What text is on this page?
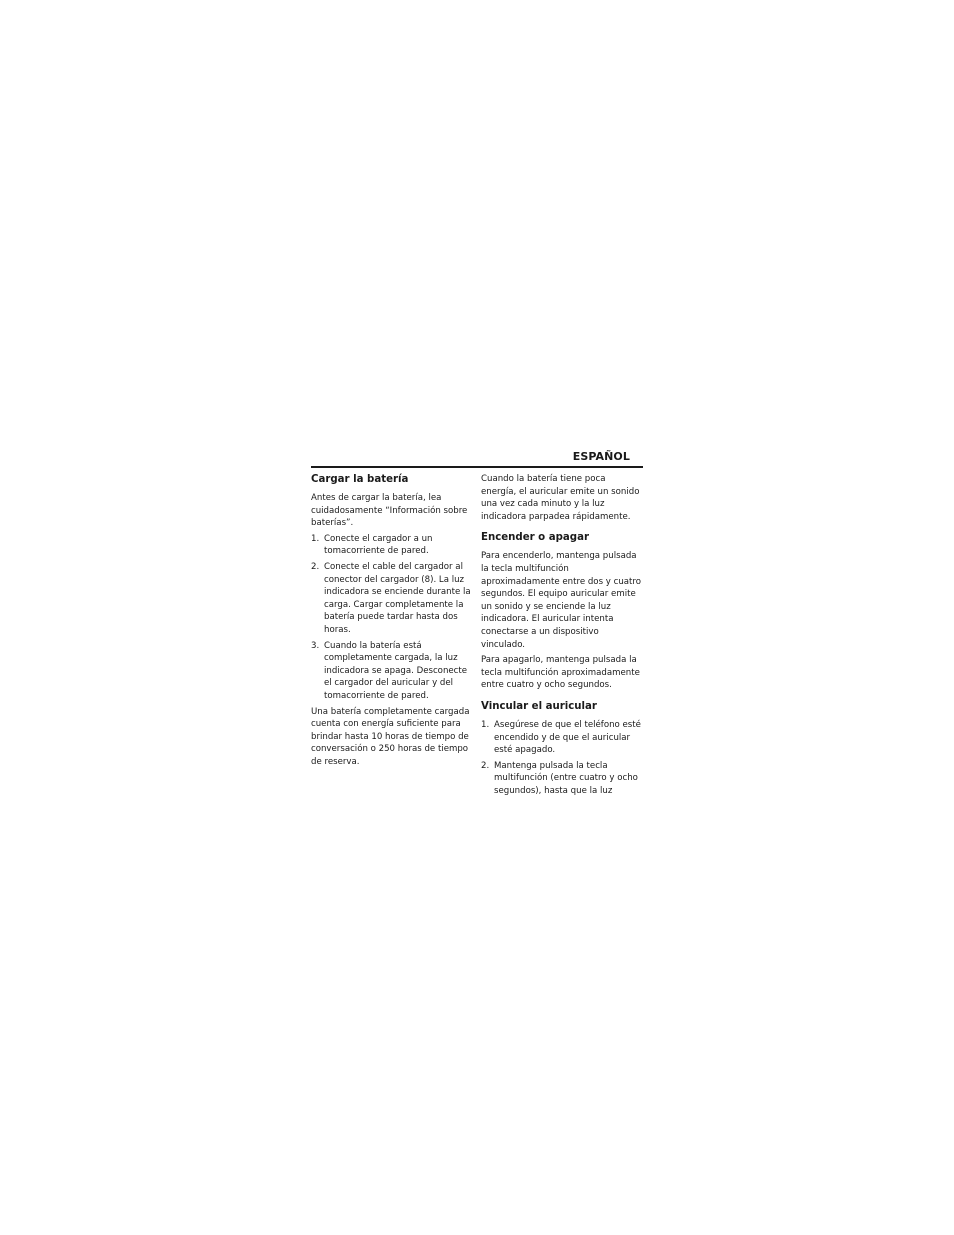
ESPAÑOL
Cargar la batería

Antes de cargar la batería, lea cuidadosamente “Información sobre baterías”.

1. Conecte el cargador a un tomacorriente de pared.
2. Conecte el cable del cargador al conector del cargador (8). La luz indicadora se enciende durante la carga. Cargar completamente la batería puede tardar hasta dos horas.
3. Cuando la batería está completamente cargada, la luz indicadora se apaga. Desconecte el cargador del auricular y del tomacorriente de pared.

Una batería completamente cargada cuenta con energía suficiente para brindar hasta 10 horas de tiempo de conversación o 250 horas de tiempo de reserva.

Cuando la batería tiene poca energía, el auricular emite un sonido una vez cada minuto y la luz indicadora parpadea rápidamente.

Encender o apagar

Para encenderlo, mantenga pulsada la tecla multifunción aproximadamente entre dos y cuatro segundos. El equipo auricular emite un sonido y se enciende la luz indicadora. El auricular intenta conectarse a un dispositivo vinculado.

Para apagarlo, mantenga pulsada la tecla multifunción aproximadamente entre cuatro y ocho segundos.

Vincular el auricular
1. Asegúrese de que el teléfono esté encendido y de que el auricular esté apagado.
2. Mantenga pulsada la tecla multifunción (entre cuatro y ocho segundos), hasta que la luz
